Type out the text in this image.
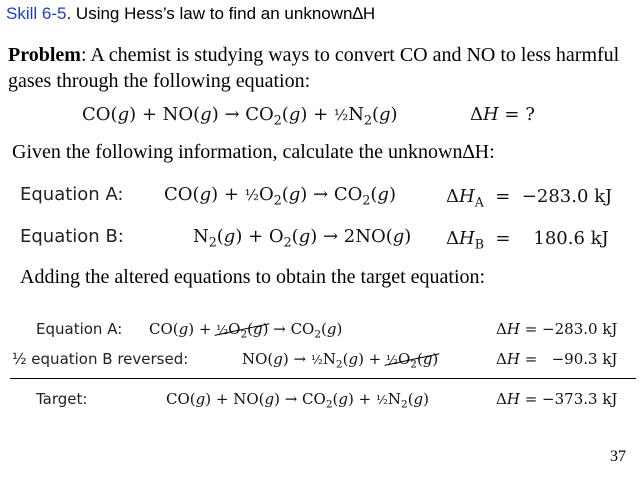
Skill 6-5. Using Hess’s law to find an unknown∆H
Problem: A chemist is studying ways to convert CO and NO to less harmful gases through the following equation:
$CO(g) + NO(g) \to CO_2(g)$ + $\frac{1}{2}N_2(g)$	ΔH = ?
Given the following information, calculate the unknown∆H:
Equation A: $CO(g) + \frac{1}{2}O_2(g) \to CO_2(g)$	$\Delta H_A = -283.0$ kJ
Equation B:	$N_2(g) + O_2(g) \to 2NO(g) \Delta H_B$  =    180.6 kJ
Adding the altered equations to obtain the target equation:
Equation A: $CO(g) + \frac{1}{2}O_2(g) \to CO_2(g)$	ΔH = −283.0 kJ
½ equation B reversed:	$NO(g) \to \frac{1}{2}N_2(g)$ + $\frac{1}{2}O_2(g)$	ΔH =   −90.3 kJ
Target:	$CO(g) + NO(g) \to CO_2(g)$ + $\frac{1}{2}N_2(g)$	ΔH = −373.3 kJ
37
